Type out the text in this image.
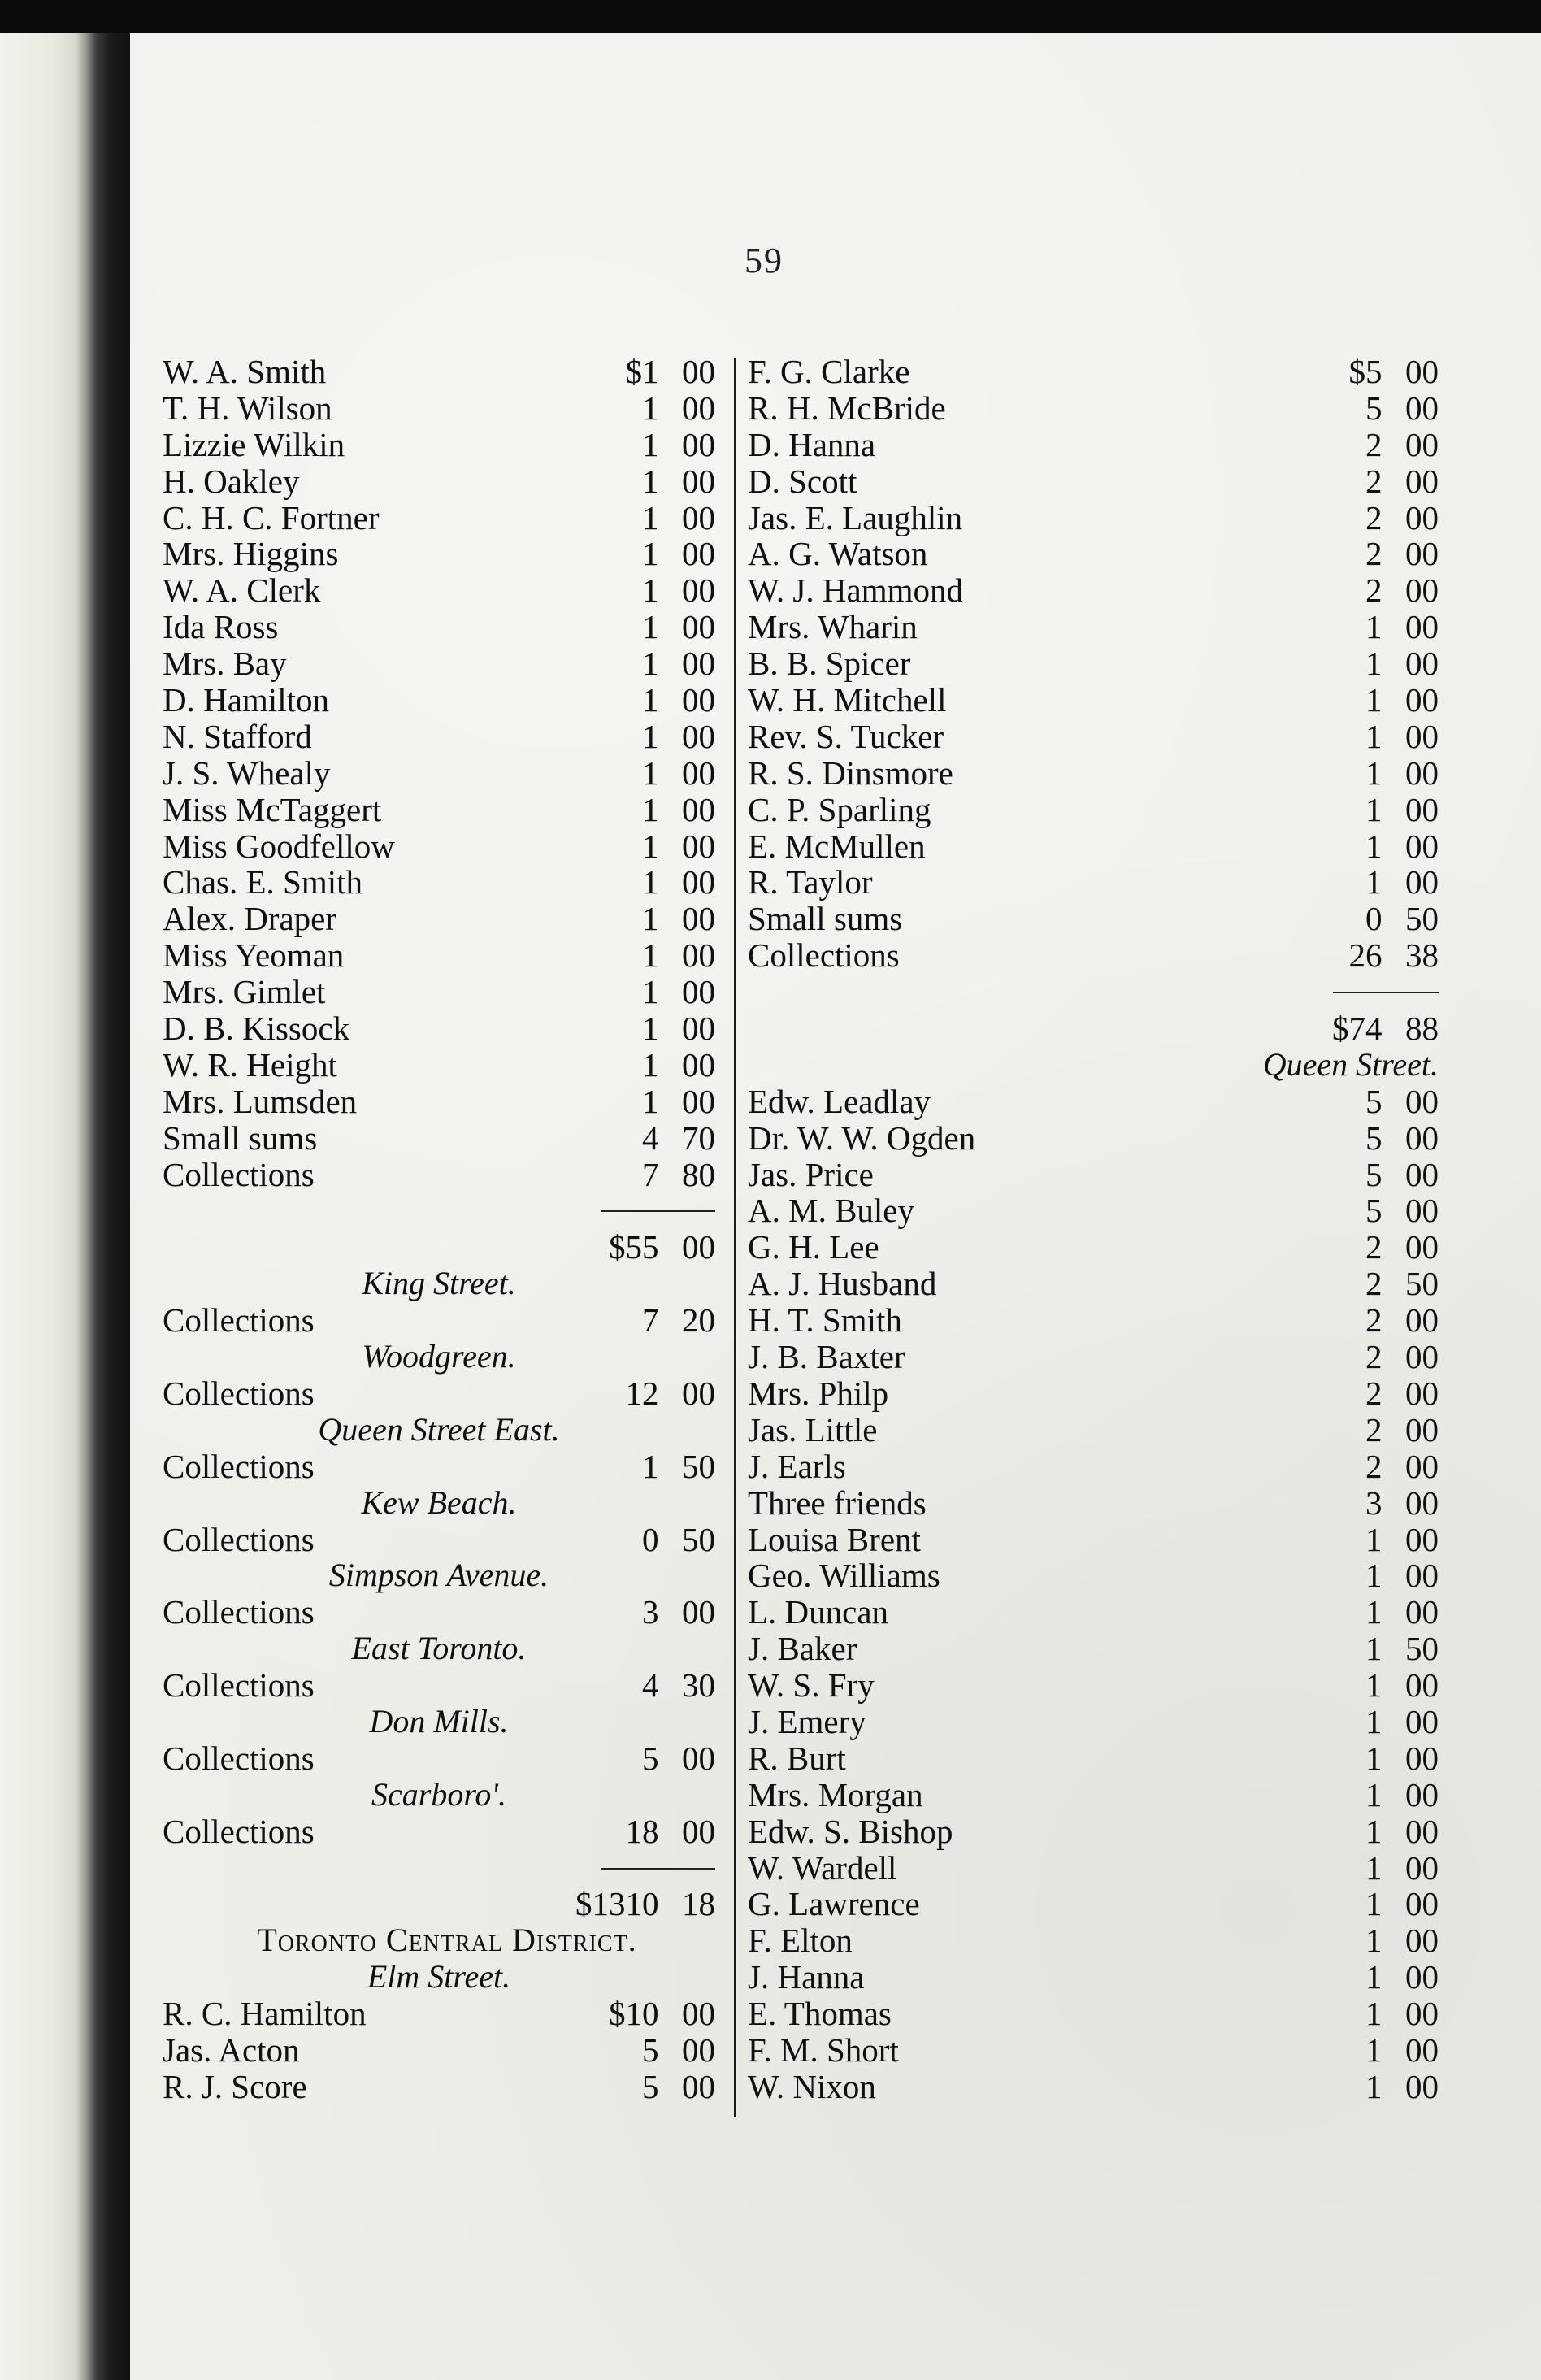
59
W. A. Smith	$1 00
T. H. Wilson	1 00
Lizzie Wilkin	1 00
H. Oakley	1 00
C. H. C. Fortner	1 00
Mrs. Higgins	1 00
W. A. Clerk	1 00
Ida Ross	1 00
Mrs. Bay	1 00
D. Hamilton	1 00
N. Stafford	1 00
J. S. Whealy	1 00
Miss McTaggert	1 00
Miss Goodfellow	1 00
Chas. E. Smith	1 00
Alex. Draper	1 00
Miss Yeoman	1 00
Mrs. Gimlet	1 00
D. B. Kissock	1 00
W. R. Height	1 00
Mrs. Lumsden	1 00
Small sums	4 70
Collections	7 80
$55 00
King Street.
Collections	7 20
Woodgreen.
Collections	12 00
Queen Street East.
Collections	1 50
Kew Beach.
Collections	0 50
Simpson Avenue.
Collections	3 00
East Toronto.
Collections	4 30
Don Mills.
Collections	5 00
Scarboro'.
Collections	18 00
$1310 18
Toronto Central District.
Elm Street.
R. C. Hamilton	$10 00
Jas. Acton	5 00
R. J. Score	5 00
F. G. Clarke	$5 00
R. H. McBride	5 00
D. Hanna	2 00
D. Scott	2 00
Jas. E. Laughlin	2 00
A. G. Watson	2 00
W. J. Hammond	2 00
Mrs. Wharin	1 00
B. B. Spicer	1 00
W. H. Mitchell	1 00
Rev. S. Tucker	1 00
R. S. Dinsmore	1 00
C. P. Sparling	1 00
E. McMullen	1 00
R. Taylor	1 00
Small sums	0 50
Collections	26 38
$74 88
Queen Street.
Edw. Leadlay	5 00
Dr. W. W. Ogden	5 00
Jas. Price	5 00
A. M. Buley	5 00
G. H. Lee	2 00
A. J. Husband	2 50
H. T. Smith	2 00
J. B. Baxter	2 00
Mrs. Philp	2 00
Jas. Little	2 00
J. Earls	2 00
Three friends	3 00
Louisa Brent	1 00
Geo. Williams	1 00
L. Duncan	1 00
J. Baker	1 50
W. S. Fry	1 00
J. Emery	1 00
R. Burt	1 00
Mrs. Morgan	1 00
Edw. S. Bishop	1 00
W. Wardell	1 00
G. Lawrence	1 00
F. Elton	1 00
J. Hanna	1 00
E. Thomas	1 00
F. M. Short	1 00
W. Nixon	1 00
